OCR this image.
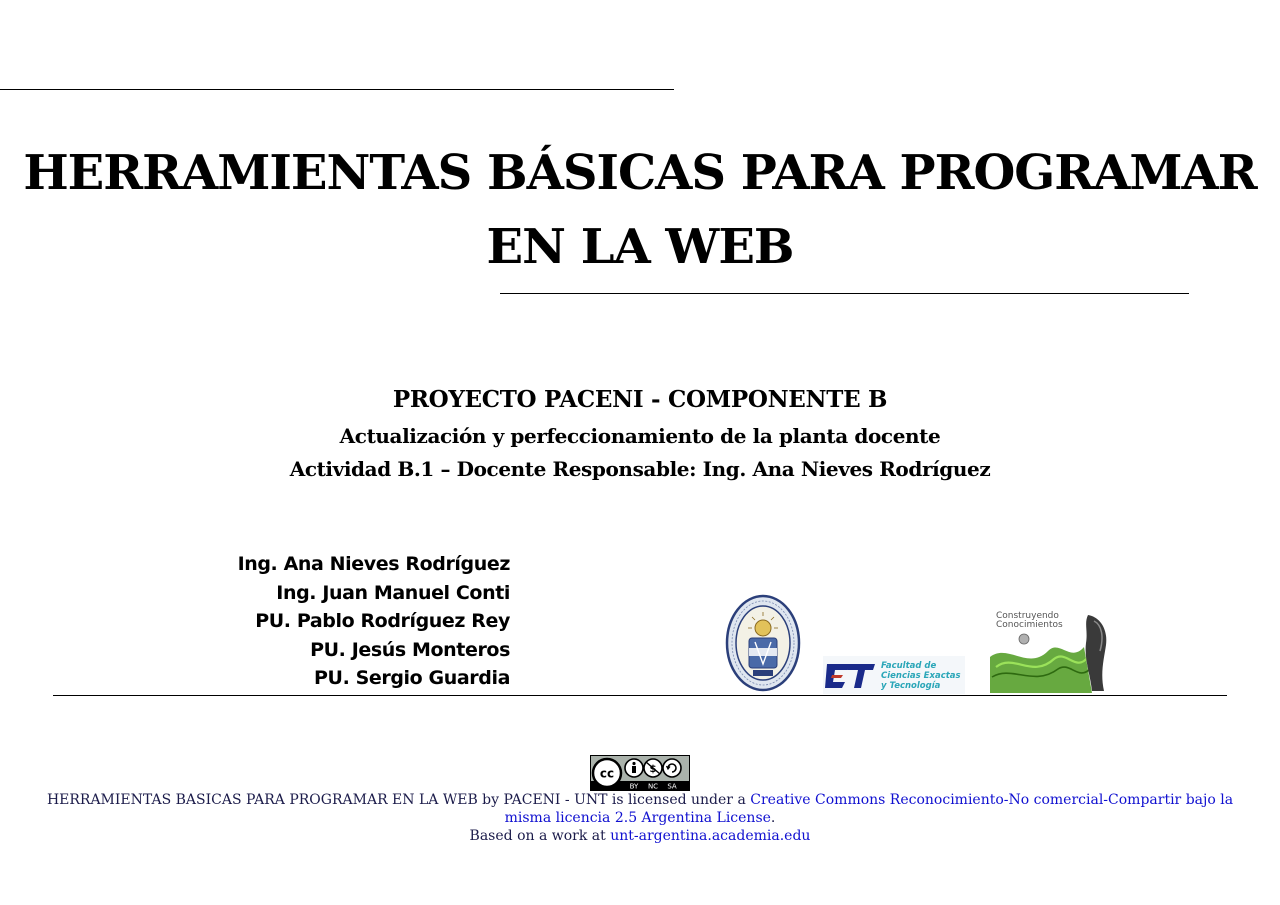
HERRAMIENTAS BÁSICAS PARA PROGRAMAR
EN LA WEB
PROYECTO PACENI - COMPONENTE B
Actualización y perfeccionamiento de la planta docente
Actividad B.1 – Docente Responsable: Ing. Ana Nieves Rodríguez
Ing. Ana Nieves Rodríguez
Ing. Juan Manuel Conti
PU. Pablo Rodríguez Rey
PU. Jesús Monteros
PU. Sergio Guardia
Facultad de
Ciencias Exactas
y Tecnología
Construyendo
Conocimientos
cc	$
BY NC SA
HERRAMIENTAS BASICAS PARA PROGRAMAR EN LA WEB by PACENI - UNT is licensed under a Creative Commons Reconocimiento-No comercial-Compartir bajo la misma licencia 2.5 Argentina License.
Based on a work at unt-argentina.academia.edu
